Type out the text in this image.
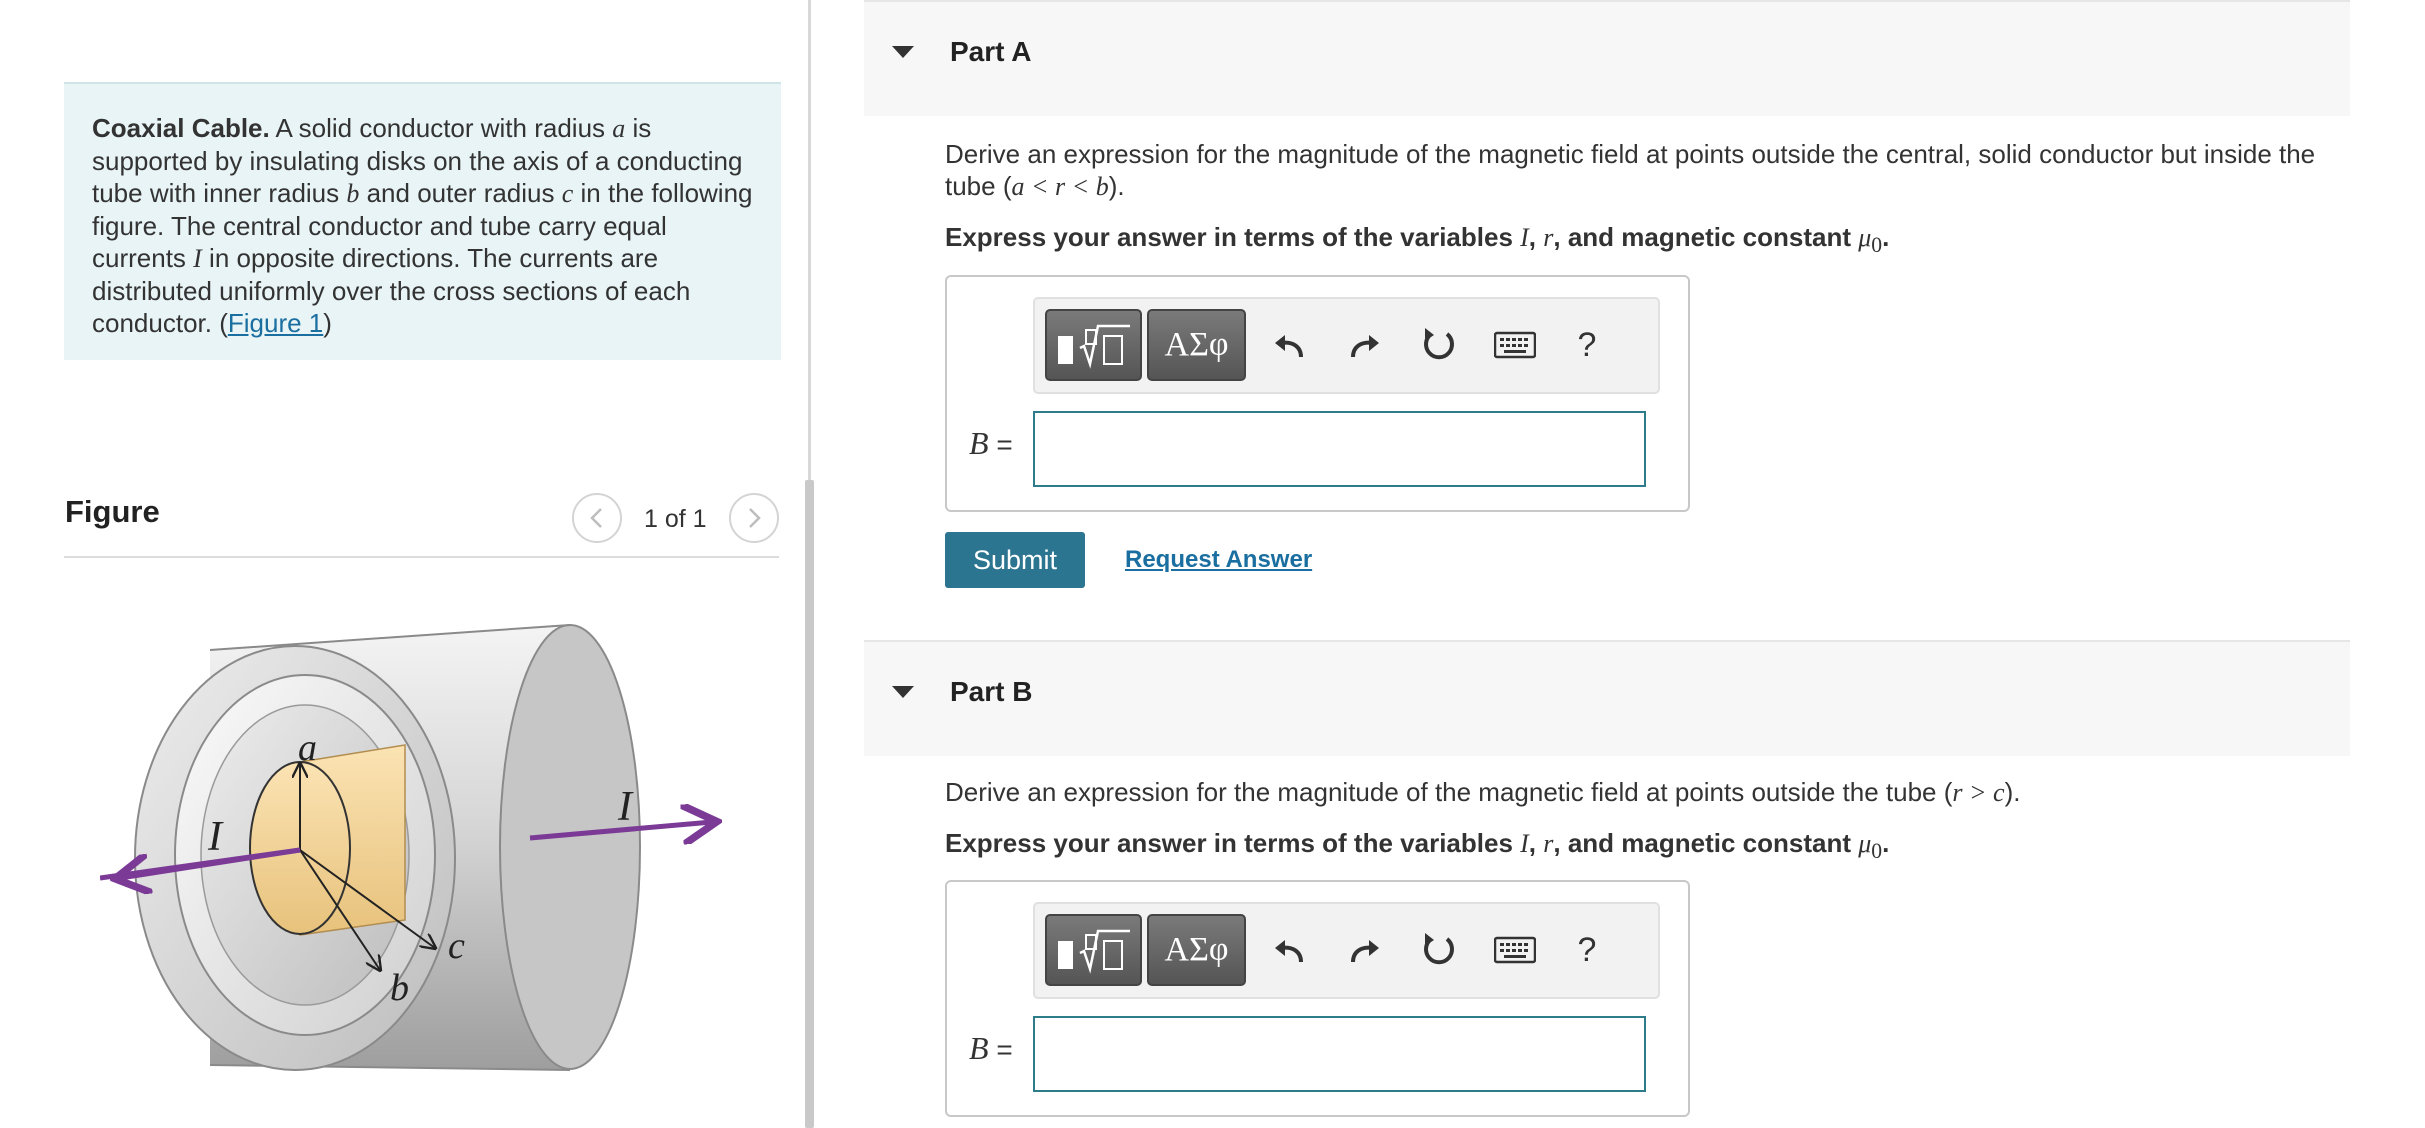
Coaxial Cable. A solid conductor with radius a is supported by insulating disks on the axis of a conducting tube with inner radius b and outer radius c in the following figure. The central conductor and tube carry equal currents I in opposite directions. The currents are distributed uniformly over the cross sections of each conductor. (Figure 1)
Figure	1 of 1
a
b
c
I
I
Part A
Derive an expression for the magnitude of the magnetic field at points outside the central, solid conductor but inside the tube (a < r < b).
Express your answer in terms of the variables I, r, and magnetic constant $\mu_0$.
ΑΣφ	?
B =
Submit	Request Answer
Part B
Derive an expression for the magnitude of the magnetic field at points outside the tube (r > c).
Express your answer in terms of the variables I, r, and magnetic constant $\mu_0$.
ΑΣφ	?
B =
